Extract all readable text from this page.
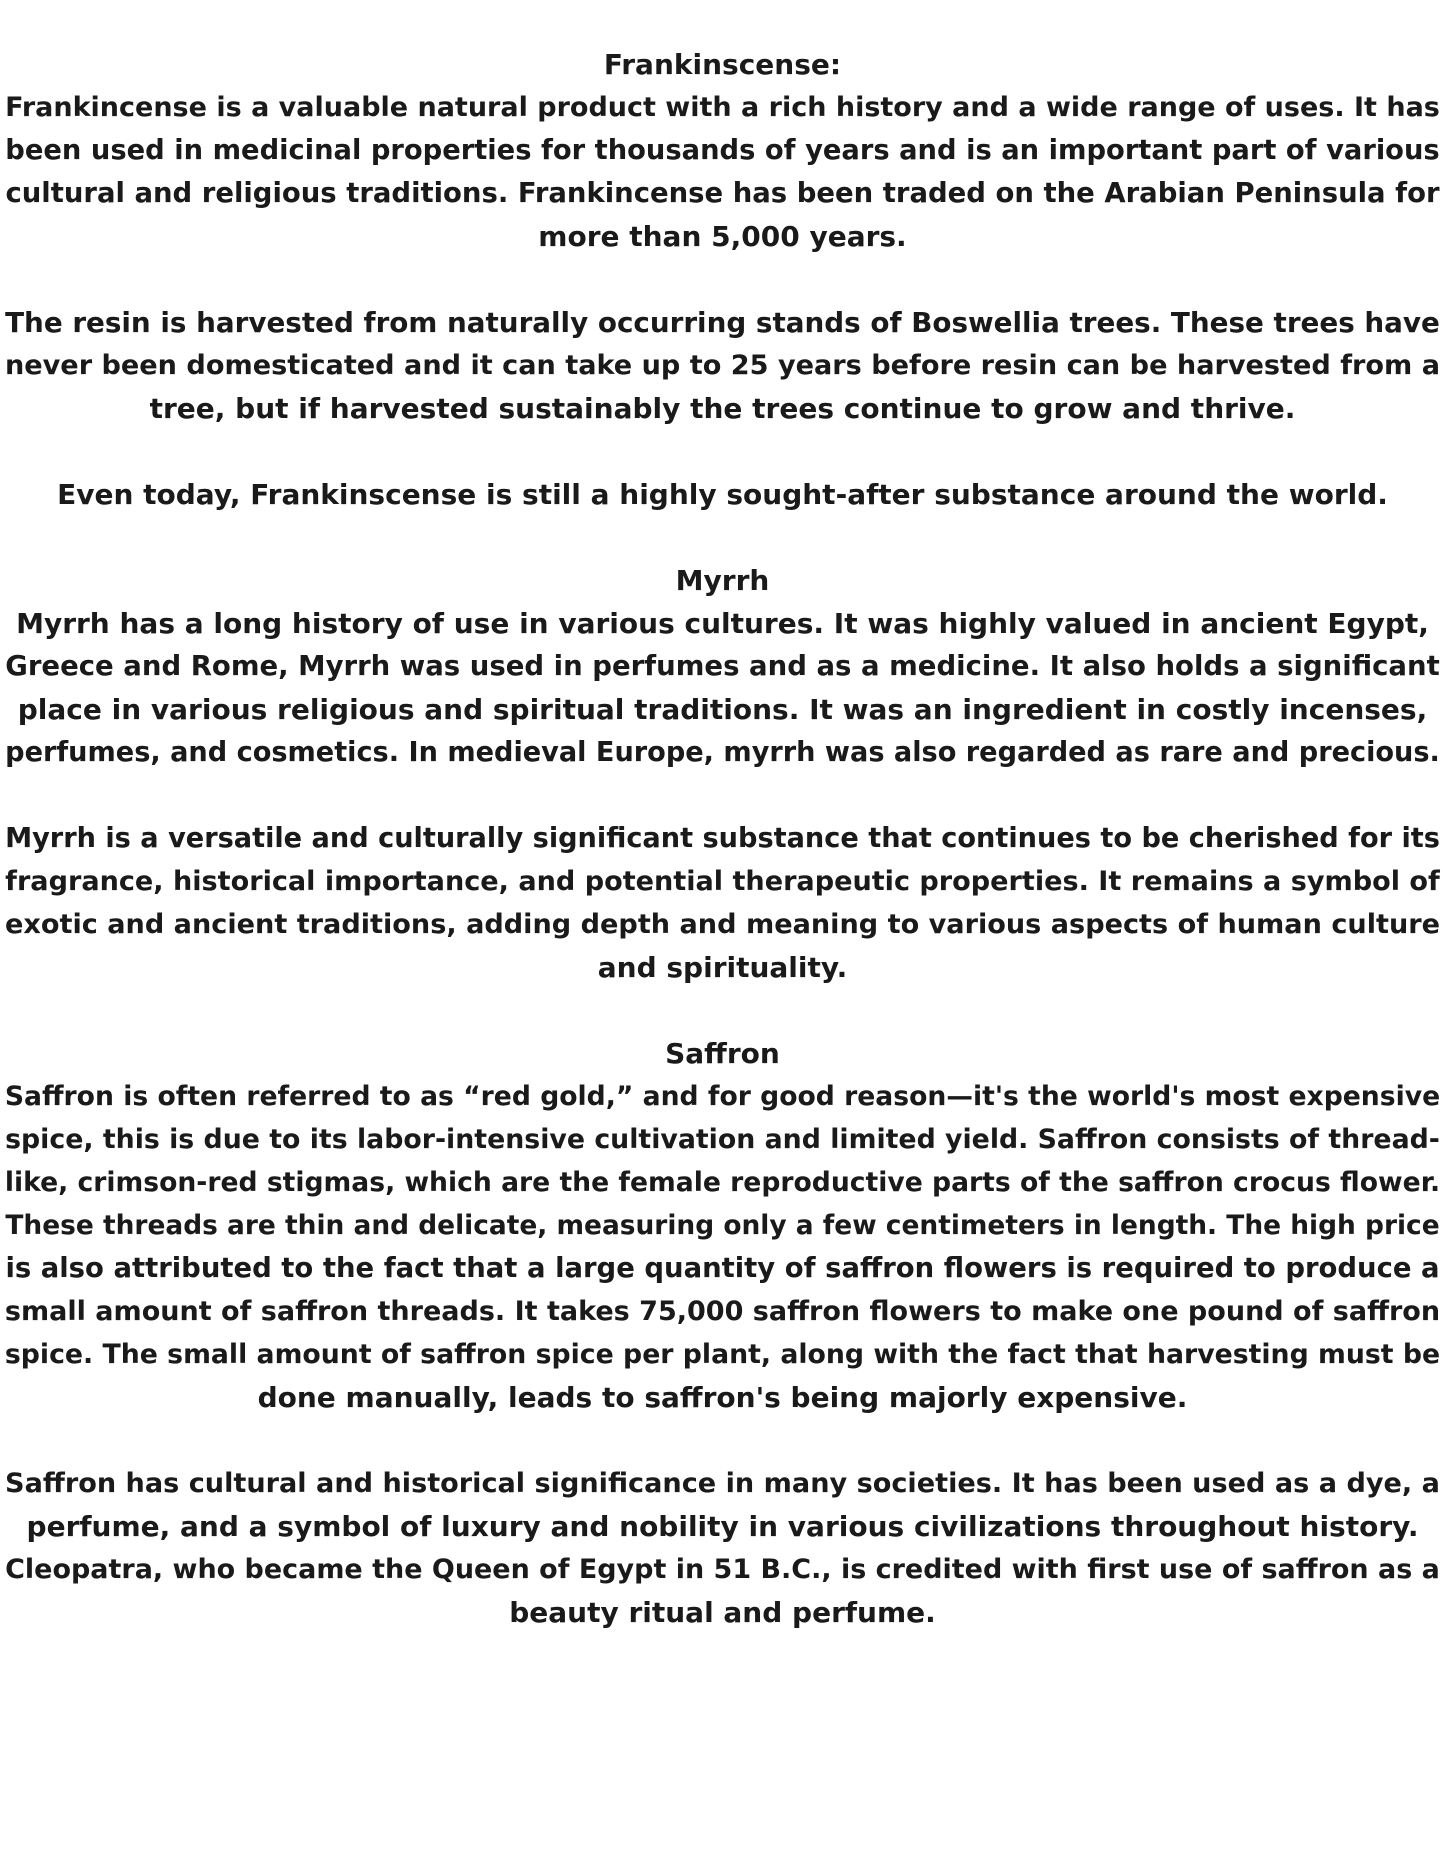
Frankinscense:
Frankincense is a valuable natural product with a rich history and a wide range of uses. It has
been used in medicinal properties for thousands of years and is an important part of various
cultural and religious traditions. Frankincense has been traded on the Arabian Peninsula for
more than 5,000 years.
The resin is harvested from naturally occurring stands of Boswellia trees. These trees have
never been domesticated and it can take up to 25 years before resin can be harvested from a
tree, but if harvested sustainably the trees continue to grow and thrive.
Even today, Frankinscense is still a highly sought-after substance around the world.
Myrrh
Myrrh has a long history of use in various cultures. It was highly valued in ancient Egypt,
Greece and Rome, Myrrh was used in perfumes and as a medicine. It also holds a significant
place in various religious and spiritual traditions. It was an ingredient in costly incenses,
perfumes, and cosmetics. In medieval Europe, myrrh was also regarded as rare and precious.
Myrrh is a versatile and culturally significant substance that continues to be cherished for its
fragrance, historical importance, and potential therapeutic properties. It remains a symbol of
exotic and ancient traditions, adding depth and meaning to various aspects of human culture
and spirituality.
Saffron
Saffron is often referred to as “red gold,” and for good reason—it's the world's most expensive
spice, this is due to its labor-intensive cultivation and limited yield. Saffron consists of thread-
like, crimson-red stigmas, which are the female reproductive parts of the saffron crocus flower.
These threads are thin and delicate, measuring only a few centimeters in length. The high price
is also attributed to the fact that a large quantity of saffron flowers is required to produce a
small amount of saffron threads. It takes 75,000 saffron flowers to make one pound of saffron
spice. The small amount of saffron spice per plant, along with the fact that harvesting must be
done manually, leads to saffron's being majorly expensive.
Saffron has cultural and historical significance in many societies. It has been used as a dye, a
perfume, and a symbol of luxury and nobility in various civilizations throughout history.
Cleopatra, who became the Queen of Egypt in 51 B.C., is credited with first use of saffron as a
beauty ritual and perfume.
